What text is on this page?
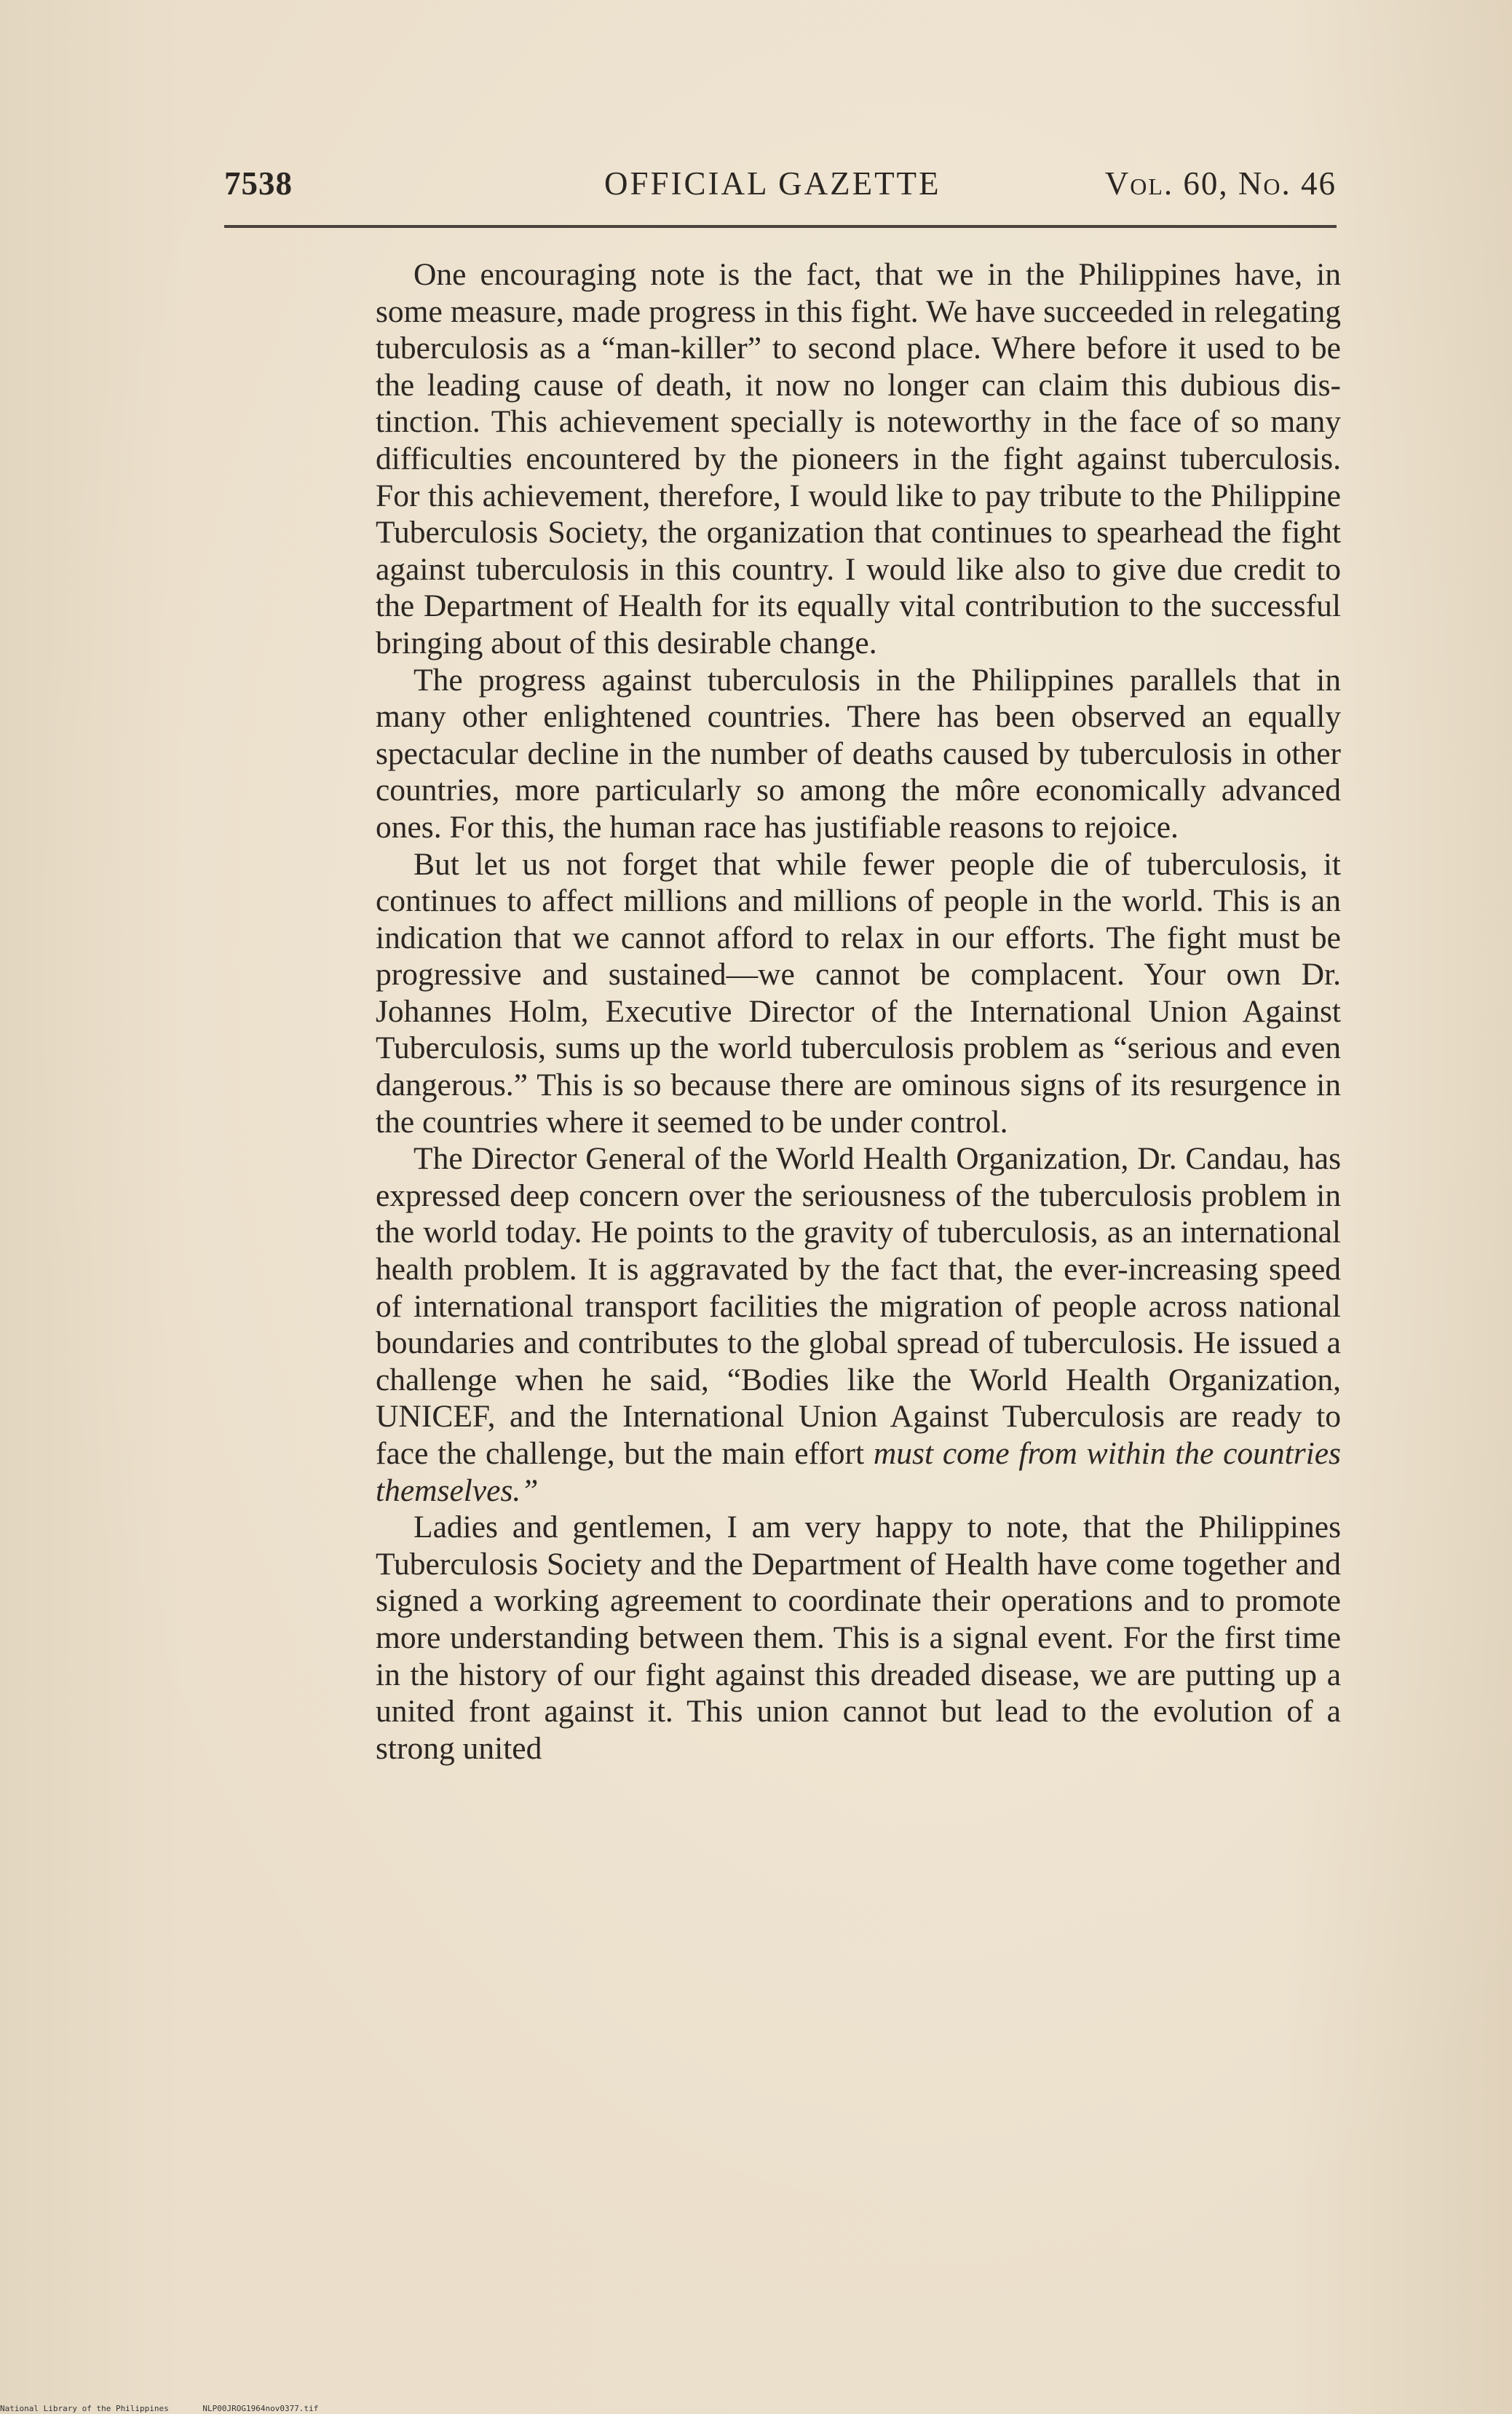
7538	OFFICIAL GAZETTE	Vol. 60, No. 46

One encouraging note is the fact, that we in the Philippines have, in some measure, made progress in this fight. We have succeeded in relegating tuberculosis as a “man-killer” to second place. Where before it used to be the leading cause of death, it now no longer can claim this dubious distinction. This achievement specially is noteworthy in the face of so many difficulties encountered by the pioneers in the fight against tuberculosis. For this achievement, therefore, I would like to pay tribute to the Philippine Tuberculosis Society, the organization that continues to spearhead the fight against tuberculosis in this country. I would like also to give due credit to the Department of Health for its equally vital contribution to the successful bringing about of this desirable change.

The progress against tuberculosis in the Philippines parallels that in many other enlightened countries. There has been observed an equally spectacular decline in the number of deaths caused by tuberculosis in other countries, more particularly so among the môre economically advanced ones. For this, the human race has justifiable reasons to rejoice.

But let us not forget that while fewer people die of tuberculosis, it continues to affect millions and millions of people in the world. This is an indication that we cannot afford to relax in our efforts. The fight must be progressive and sustained—we cannot be complacent. Your own Dr. Johannes Holm, Executive Director of the International Union Against Tuberculosis, sums up the world tuberculosis problem as “serious and even dangerous.” This is so because there are ominous signs of its resurgence in the countries where it seemed to be under control.

The Director General of the World Health Organization, Dr. Candau, has expressed deep concern over the seriousness of the tuberculosis problem in the world today. He points to the gravity of tuberculosis, as an international health problem. It is aggravated by the fact that, the ever-increasing speed of international transport facilities the migration of people across national boundaries and contributes to the global spread of tuberculosis. He issued a challenge when he said, “Bodies like the World Health Organization, UNICEF, and the International Union Against Tuberculosis are ready to face the challenge, but the main effort must come from within the countries themselves.”

Ladies and gentlemen, I am very happy to note, that the Philippines Tuberculosis Society and the Department of Health have come together and signed a working agreement to coordinate their operations and to promote more understanding between them. This is a signal event. For the first time in the history of our fight against this dreaded disease, we are putting up a united front against it. This union cannot but lead to the evolution of a strong united

National Library of the Philippines	NLP00JROG1964nov0377.tif
